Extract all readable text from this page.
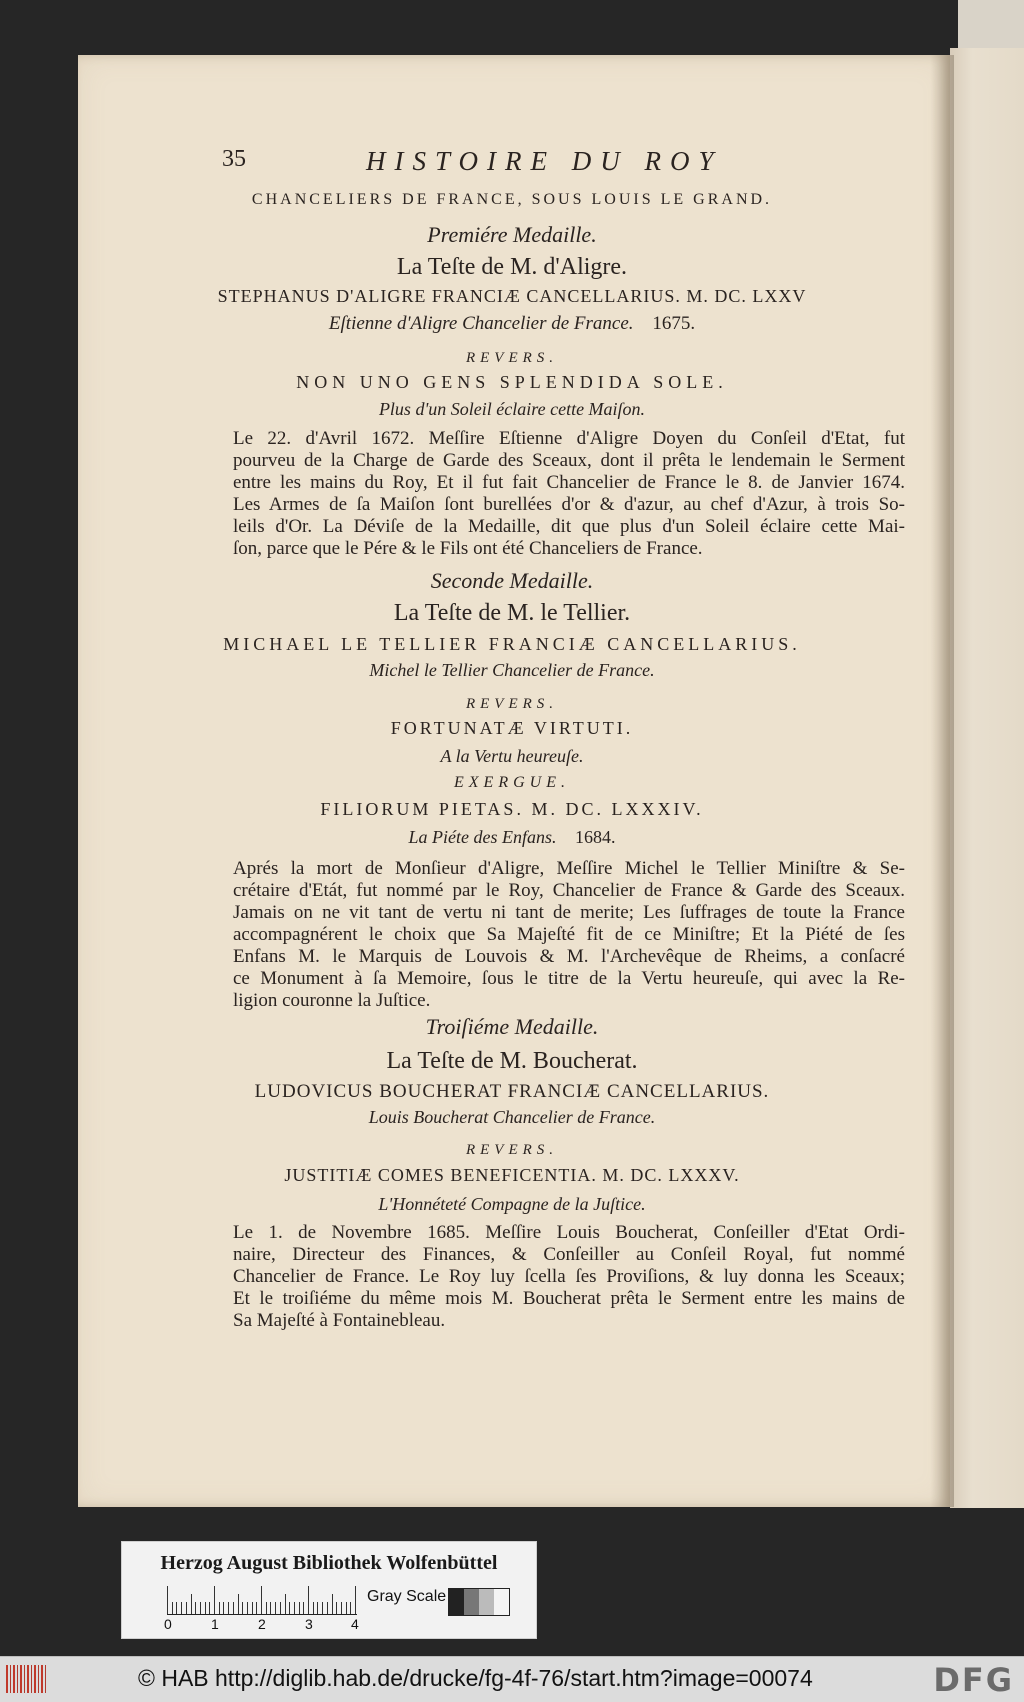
35	HISTOIRE DU ROY
CHANCELIERS DE FRANCE, SOUS LOUIS LE GRAND.
Premiére Medaille.
La Teſte de M. d'Aligre.
STEPHANUS D'ALIGRE FRANCIÆ CANCELLARIUS. M. DC. LXXV
Eſtienne d'Aligre Chancelier de France. 1675.
REVERS.
NON UNO GENS SPLENDIDA SOLE.
Plus d'un Soleil éclaire cette Maiſon.
Le 22. d'Avril 1672. Meſſire Eſtienne d'Aligre Doyen du Conſeil d'Etat, fut
pourveu de la Charge de Garde des Sceaux, dont il prêta le lendemain le Serment
entre les mains du Roy, Et il fut fait Chancelier de France le 8. de Janvier 1674.
Les Armes de ſa Maiſon ſont burellées d'or & d'azur, au chef d'Azur, à trois So-
leils d'Or. La Déviſe de la Medaille, dit que plus d'un Soleil éclaire cette Mai-
ſon, parce que le Pére & le Fils ont été Chanceliers de France.
Seconde Medaille.
La Teſte de M. le Tellier.
MICHAEL LE TELLIER FRANCIÆ CANCELLARIUS.
Michel le Tellier Chancelier de France.
REVERS.
FORTUNATÆ VIRTUTI.
A la Vertu heureuſe.
EXERGUE.
FILIORUM PIETAS. M. DC. LXXXIV.
La Piéte des Enfans. 1684.
Aprés la mort de Monſieur d'Aligre, Meſſire Michel le Tellier Miniſtre & Se-
crétaire d'Etát, fut nommé par le Roy, Chancelier de France & Garde des Sceaux.
Jamais on ne vit tant de vertu ni tant de merite; Les ſuffrages de toute la France
accompagnérent le choix que Sa Majeſté fit de ce Miniſtre; Et la Piété de ſes
Enfans M. le Marquis de Louvois & M. l'Archevêque de Rheims, a conſacré
ce Monument à ſa Memoire, ſous le titre de la Vertu heureuſe, qui avec la Re-
ligion couronne la Juſtice.
Troiſiéme Medaille.
La Teſte de M. Boucherat.
LUDOVICUS BOUCHERAT FRANCIÆ CANCELLARIUS.
Louis Boucherat Chancelier de France.
REVERS.
JUSTITIÆ COMES BENEFICENTIA. M. DC. LXXXV.
L'Honnéteté Compagne de la Juſtice.
Le 1. de Novembre 1685. Meſſire Louis Boucherat, Conſeiller d'Etat Ordi-
naire, Directeur des Finances, & Conſeiller au Conſeil Royal, fut nommé
Chancelier de France. Le Roy luy ſcella ſes Proviſions, & luy donna les Sceaux;
Et le troiſiéme du même mois M. Boucherat prêta le Serment entre les mains de
Sa Majeſté à Fontainebleau.
Herzog August Bibliothek Wolfenbüttel
0	1	2	3	4
Gray Scale
© HAB http://diglib.hab.de/drucke/fg-4f-76/start.htm?image=00074	DFG
